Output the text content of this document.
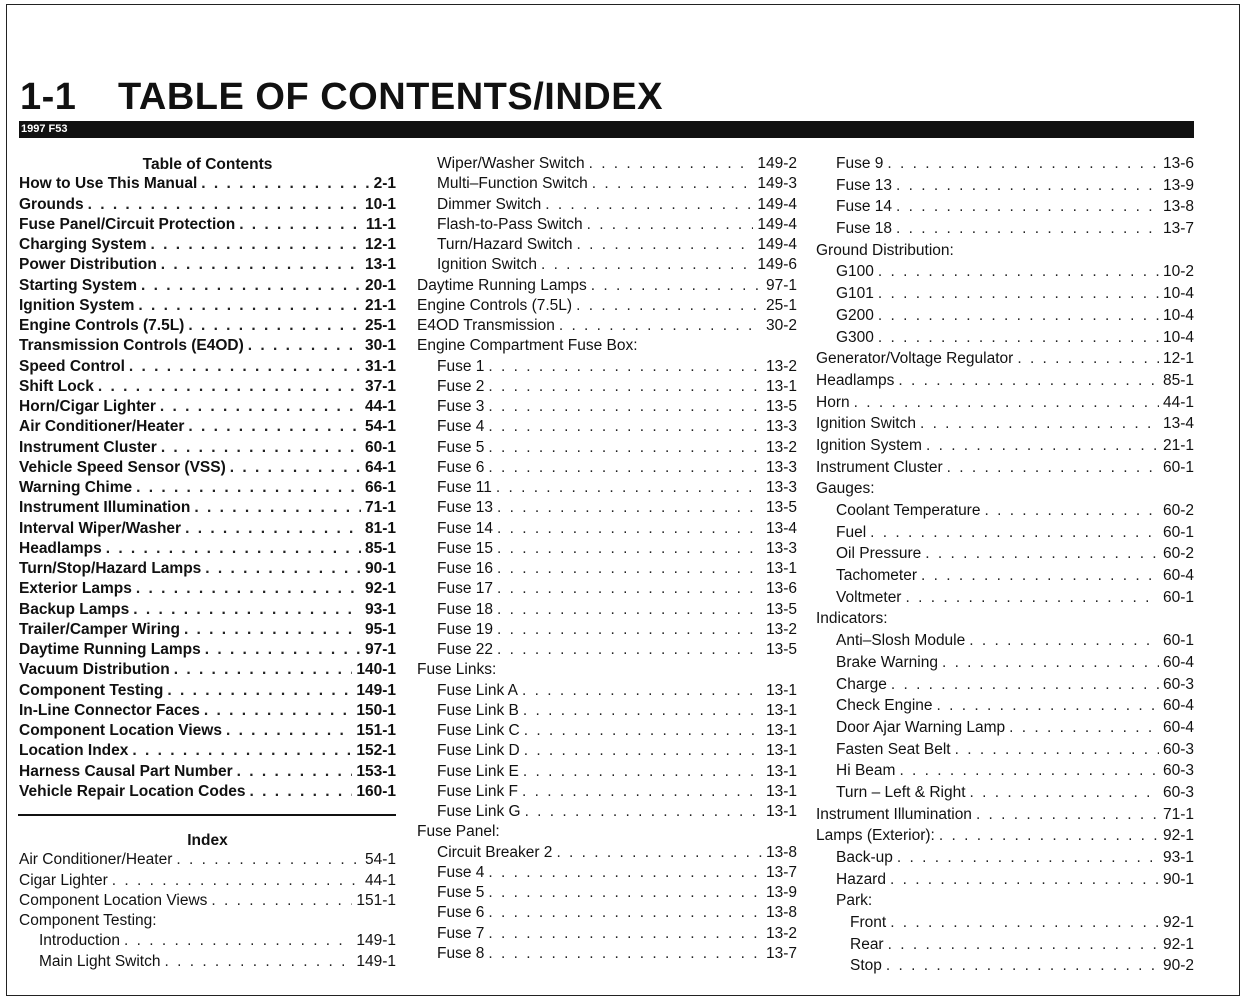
1-1 TABLE OF CONTENTS/INDEX
1997 F53
Table of Contents
How to Use This Manual . . .	2-1
Grounds . . .	10-1
Fuse Panel/Circuit Protection . . .	11-1
Charging System . . .	12-1
Power Distribution . . .	13-1
Starting System . . .	20-1
Ignition System . . .	21-1
Engine Controls (7.5L) . . .	25-1
Transmission Controls (E4OD) . . .	30-1
Speed Control . . .	31-1
Shift Lock . . .	37-1
Horn/Cigar Lighter . . .	44-1
Air Conditioner/Heater . . .	54-1
Instrument Cluster . . .	60-1
Vehicle Speed Sensor (VSS) . . .	64-1
Warning Chime . . .	66-1
Instrument Illumination . . .	71-1
Interval Wiper/Washer . . .	81-1
Headlamps . . .	85-1
Turn/Stop/Hazard Lamps . . .	90-1
Exterior Lamps . . .	92-1
Backup Lamps . . .	93-1
Trailer/Camper Wiring . . .	95-1
Daytime Running Lamps . . .	97-1
Vacuum Distribution . . .	140-1
Component Testing . . .	149-1
In-Line Connector Faces . . .	150-1
Component Location Views . . .	151-1
Location Index . . .	152-1
Harness Causal Part Number . . .	153-1
Vehicle Repair Location Codes . . .	160-1
Index
Air Conditioner/Heater . . .	54-1
Cigar Lighter . . .	44-1
Component Location Views . . .	151-1
Component Testing:
Introduction . . .	149-1
Main Light Switch . . .	149-1
Wiper/Washer Switch . . .	149-2
Multi–Function Switch . . .	149-3
Dimmer Switch . . .	149-4
Flash-to-Pass Switch . . .	149-4
Turn/Hazard Switch . . .	149-4
Ignition Switch . . .	149-6
Daytime Running Lamps . . .	97-1
Engine Controls (7.5L) . . .	25-1
E4OD Transmission . . .	30-2
Engine Compartment Fuse Box:
Fuse 1 . . .	13-2
Fuse 2 . . .	13-1
Fuse 3 . . .	13-5
Fuse 4 . . .	13-3
Fuse 5 . . .	13-2
Fuse 6 . . .	13-3
Fuse 11 . . .	13-3
Fuse 13 . . .	13-5
Fuse 14 . . .	13-4
Fuse 15 . . .	13-3
Fuse 16 . . .	13-1
Fuse 17 . . .	13-6
Fuse 18 . . .	13-5
Fuse 19 . . .	13-2
Fuse 22 . . .	13-5
Fuse Links:
Fuse Link A . . .	13-1
Fuse Link B . . .	13-1
Fuse Link C . . .	13-1
Fuse Link D . . .	13-1
Fuse Link E . . .	13-1
Fuse Link F . . .	13-1
Fuse Link G . . .	13-1
Fuse Panel:
Circuit Breaker 2 . . .	13-8
Fuse 4 . . .	13-7
Fuse 5 . . .	13-9
Fuse 6 . . .	13-8
Fuse 7 . . .	13-2
Fuse 8 . . .	13-7
Fuse 9 . . .	13-6
Fuse 13 . . .	13-9
Fuse 14 . . .	13-8
Fuse 18 . . .	13-7
Ground Distribution:
G100 . . .	10-2
G101 . . .	10-4
G200 . . .	10-4
G300 . . .	10-4
Generator/Voltage Regulator . . .	12-1
Headlamps . . .	85-1
Horn . . .	44-1
Ignition Switch . . .	13-4
Ignition System . . .	21-1
Instrument Cluster . . .	60-1
Gauges:
Coolant Temperature . . .	60-2
Fuel . . .	60-1
Oil Pressure . . .	60-2
Tachometer . . .	60-4
Voltmeter . . .	60-1
Indicators:
Anti–Slosh Module . . .	60-1
Brake Warning . . .	60-4
Charge . . .	60-3
Check Engine . . .	60-4
Door Ajar Warning Lamp . . .	60-4
Fasten Seat Belt . . .	60-3
Hi Beam . . .	60-3
Turn – Left & Right . . .	60-3
Instrument Illumination . . .	71-1
Lamps (Exterior): . . .	92-1
Back-up . . .	93-1
Hazard . . .	90-1
Park:
Front . . .	92-1
Rear . . .	92-1
Stop . . .	90-2
